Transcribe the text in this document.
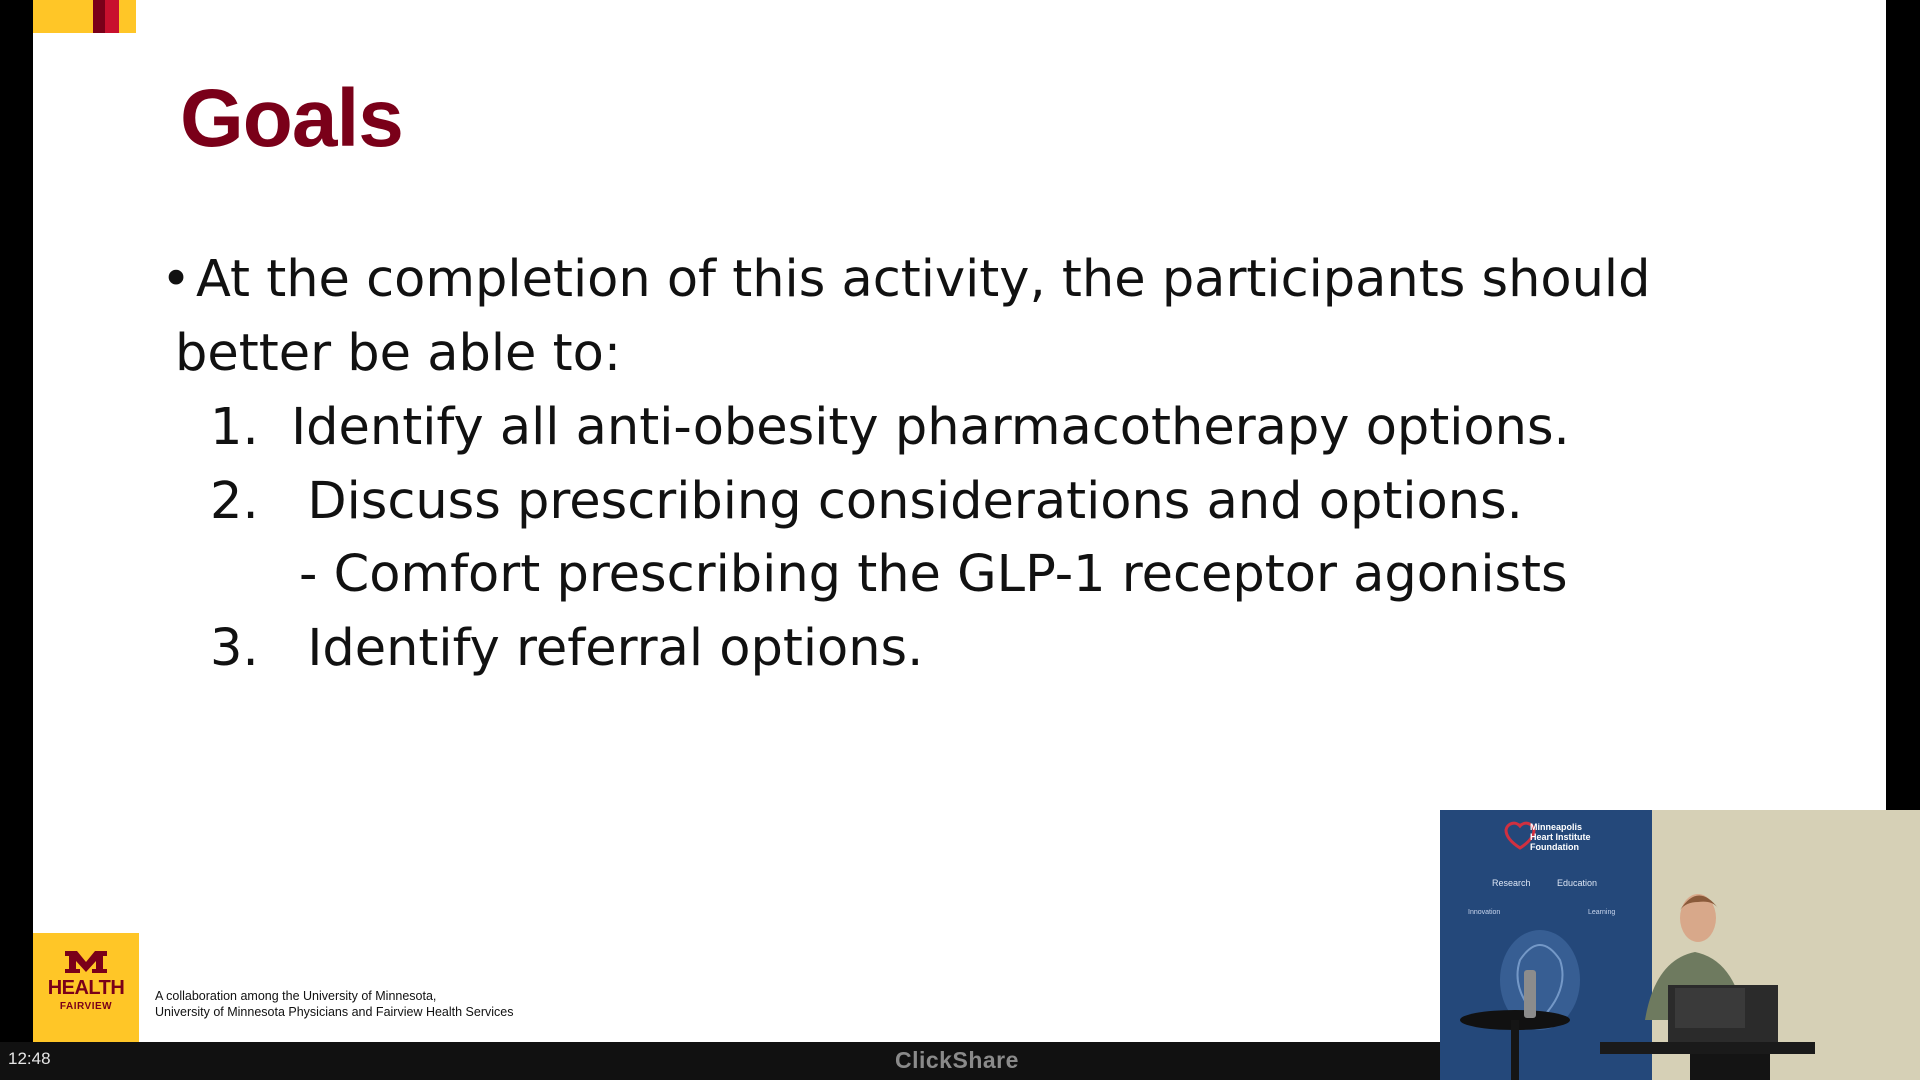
Goals
• At the completion of this activity, the participants should
better be able to:
1. Identify all anti-obesity pharmacotherapy options.
2. Discuss prescribing considerations and options.
- Comfort prescribing the GLP-1 receptor agonists
3. Identify referral options.
HEALTH
FAIRVIEW
A collaboration among the University of Minnesota,
University of Minnesota Physicians and Fairview Health Services
12:48	ClickShare
Minneapolis
Heart Institute
Foundation
Research	Education
Innovation	Learning
